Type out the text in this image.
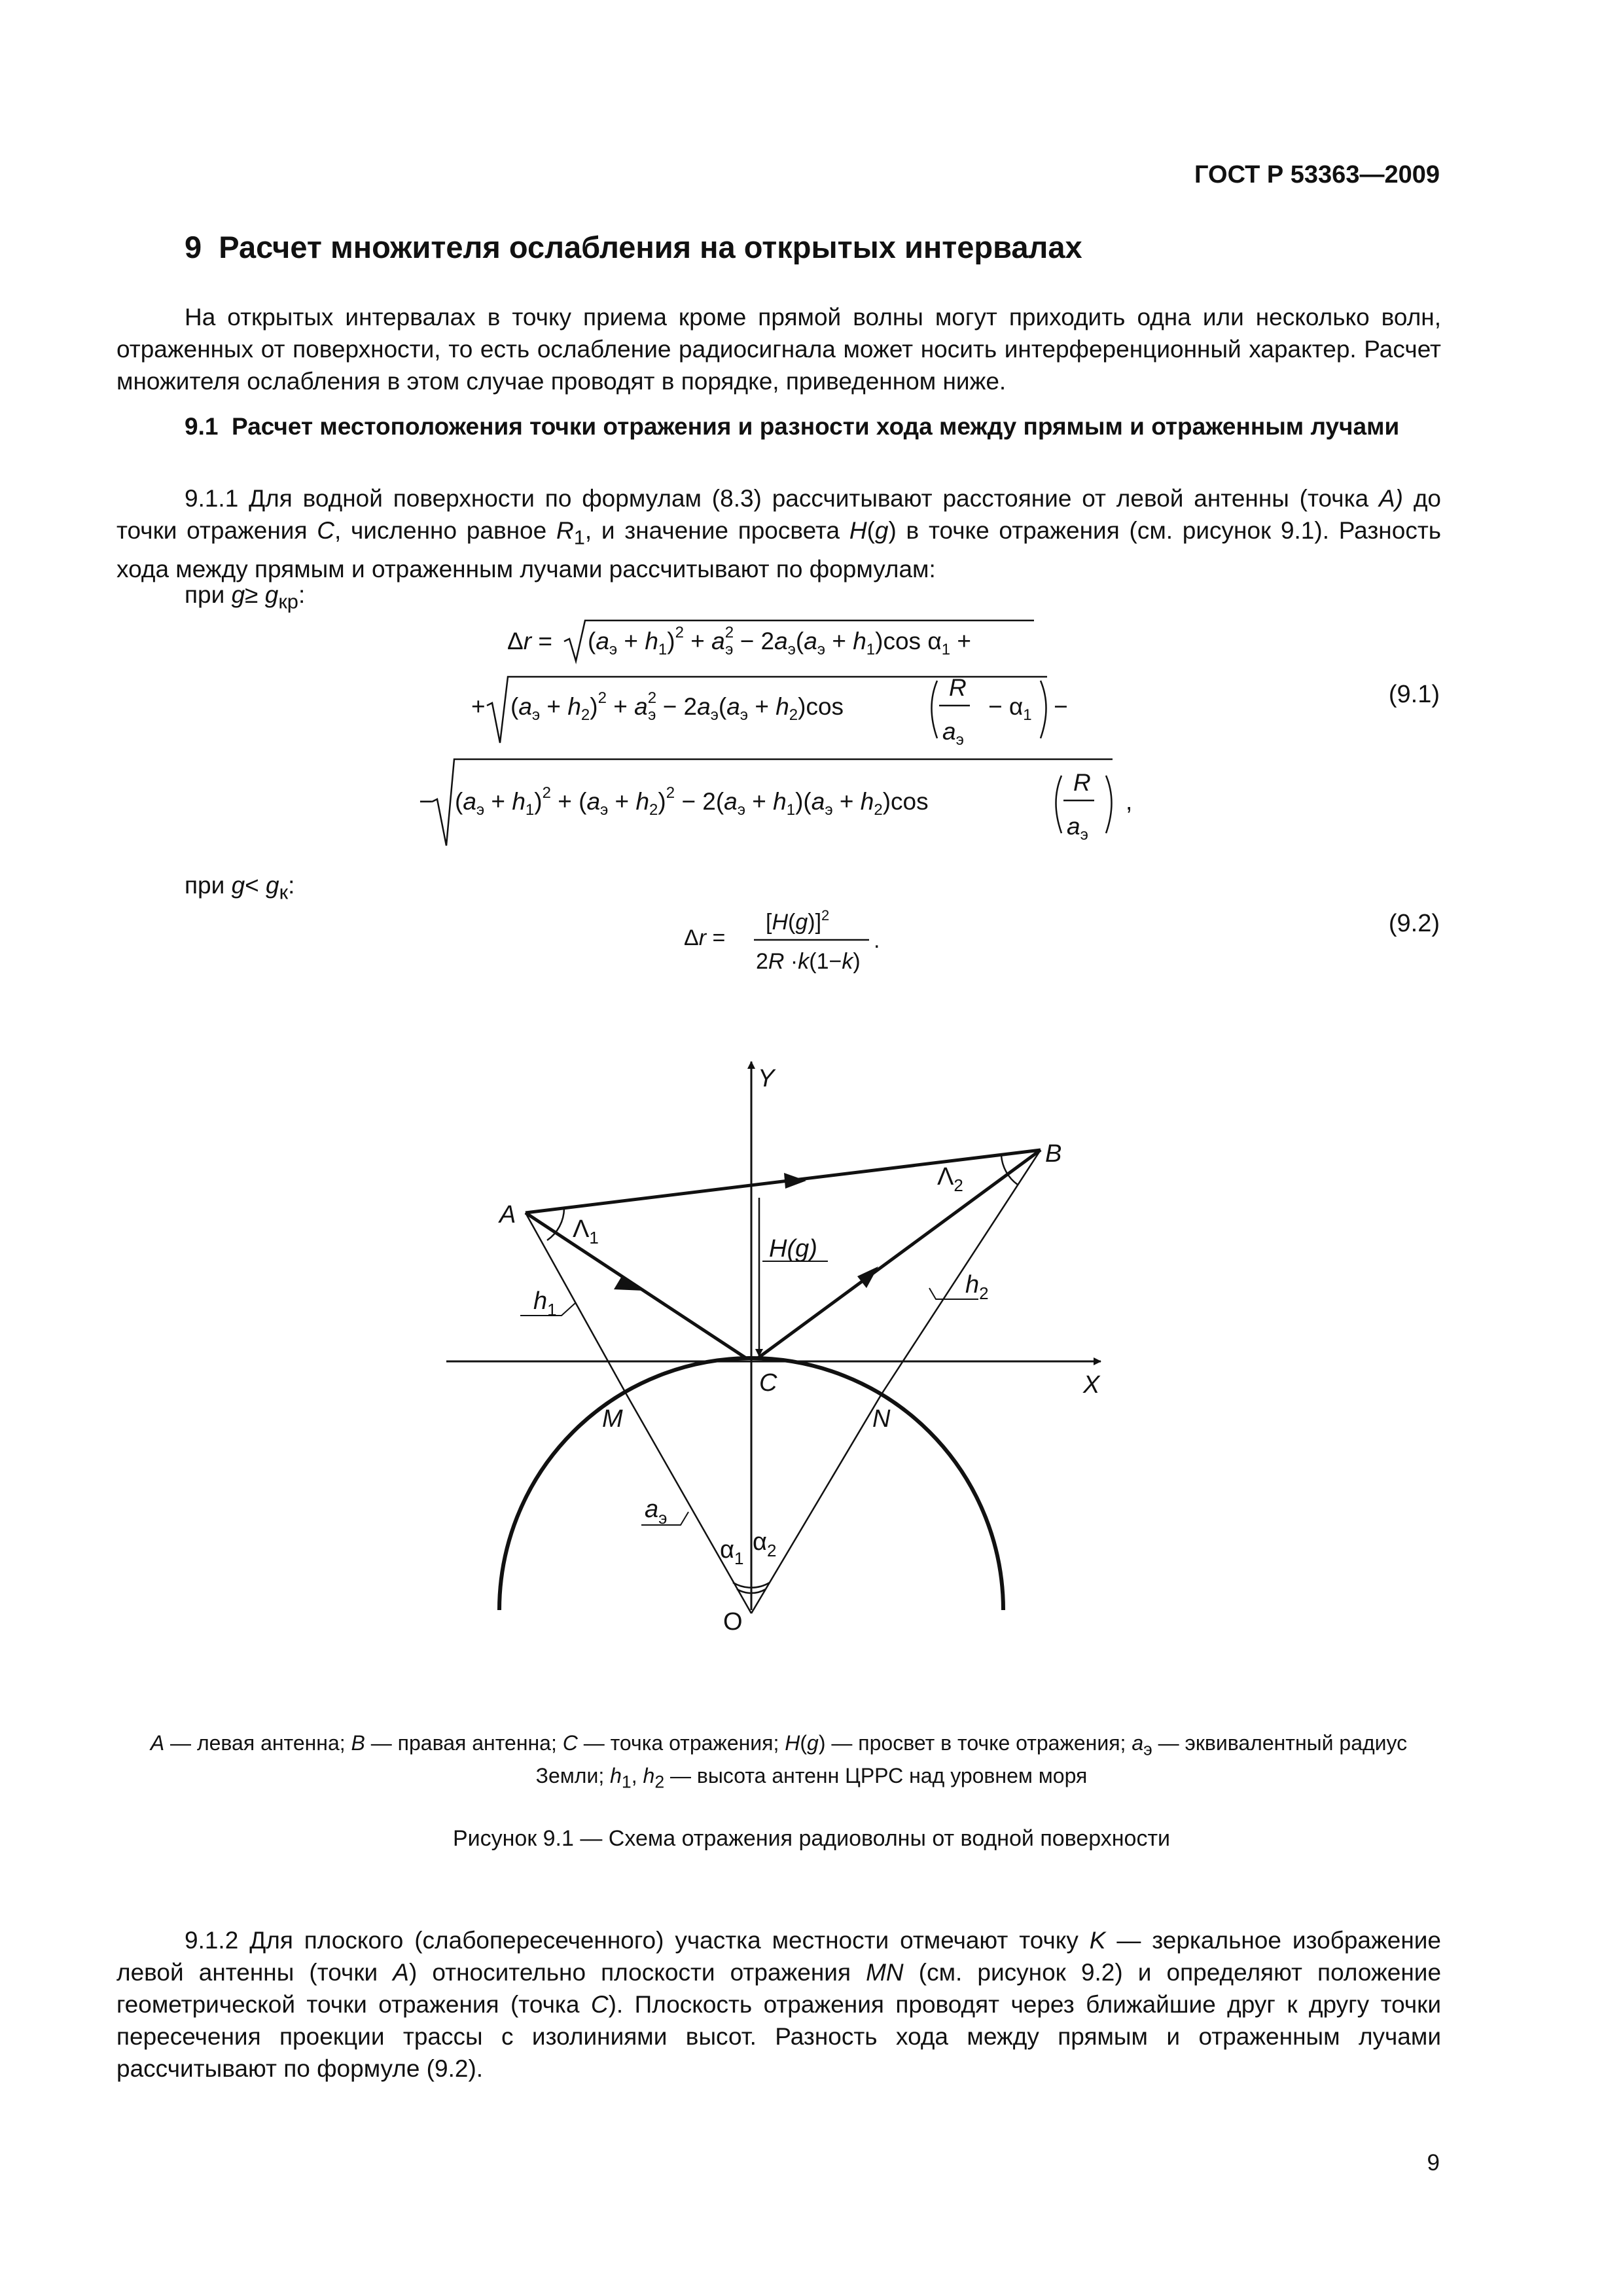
ГОСТ Р 53363—2009
9 Расчет множителя ослабления на открытых интервалах
На открытых интервалах в точку приема кроме прямой волны могут приходить одна или несколько волн, отраженных от поверхности, то есть ослабление радиосигнала может носить интерференционный характер. Расчет множителя ослабления в этом случае проводят в порядке, приведенном ниже.
9.1 Расчет местоположения точки отражения и разности хода между прямым и отраженным лучами
9.1.1 Для водной поверхности по формулам (8.3) рассчитывают расстояние от левой антенны (точка A) до точки отражения C, численно равное $R_1$, и значение просвета H(g) в точке отражения (см. рисунок 9.1). Разность хода между прямым и отраженным лучами рассчитывают по формулам:
при $g\ge g_{кр}$:
$\Delta r = (a_э + h_1)^2 + a^2$ $э - 2a_э(a_э + h_1)\cos$ $\alpha_1$ +
+ $(a_э + h_2)^2 + a^2$ $э - 2a_э(a_э + h_2)\cos$
R
$a_э$
− $\alpha_1$ −
− $(a_э + h_1)^2 + (a_э + h_2)^2 - 2(a_э + h_1)(a_э + h_2)\cos$
R
$a_э$
,
(9.1)
при $g< g_к$:
Δr =
$[H(g)]^2$
2R ·k(1−k)
.
(9.2)
A
B
C
M	N
O
X
Y
H(g)
$h_1$
$h_2$
$a_э$
$\alpha_1$
$\alpha_2$
$\Lambda_1$
$\Lambda_2$
A — левая антенна; B — правая антенна; C — точка отражения; H(g) — просвет в точке отражения; $a_э$ — эквивалентный радиус
Земли; $h_1$, $h_2$ — высота антенн ЦРРС над уровнем моря
Рисунок 9.1 — Схема отражения радиоволны от водной поверхности
9.1.2 Для плоского (слабопересеченного) участка местности отмечают точку K — зеркальное изображение левой антенны (точки A) относительно плоскости отражения MN (см. рисунок 9.2) и определяют положение геометрической точки отражения (точка C). Плоскость отражения проводят через ближайшие друг к другу точки пересечения проекции трассы с изолиниями высот. Разность хода между прямым и отраженным лучами рассчитывают по формуле (9.2).
9
